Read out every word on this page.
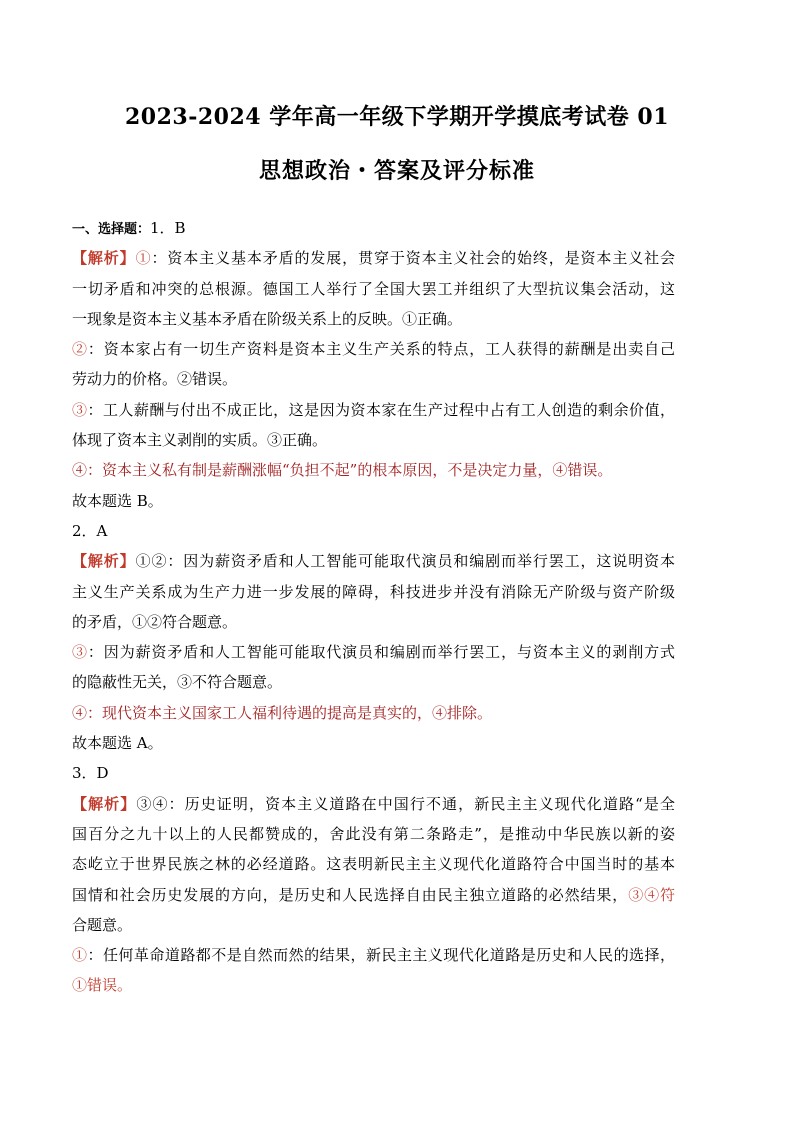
2023-2024 学年高一年级下学期开学摸底考试卷 01
思想政治・答案及评分标准
一、选择题：1．B
【解析】①：资本主义基本矛盾的发展，贯穿于资本主义社会的始终，是资本主义社会
一切矛盾和冲突的总根源。德国工人举行了全国大罢工并组织了大型抗议集会活动，这
一现象是资本主义基本矛盾在阶级关系上的反映。①正确。
②：资本家占有一切生产资料是资本主义生产关系的特点，工人获得的薪酬是出卖自己
劳动力的价格。②错误。
③：工人薪酬与付出不成正比，这是因为资本家在生产过程中占有工人创造的剩余价值，
体现了资本主义剥削的实质。③正确。
④：资本主义私有制是薪酬涨幅“负担不起”的根本原因，不是决定力量，④错误。
故本题选 B。
2．A
【解析】①②：因为薪资矛盾和人工智能可能取代演员和编剧而举行罢工，这说明资本
主义生产关系成为生产力进一步发展的障碍，科技进步并没有消除无产阶级与资产阶级
的矛盾，①②符合题意。
③：因为薪资矛盾和人工智能可能取代演员和编剧而举行罢工，与资本主义的剥削方式
的隐蔽性无关，③不符合题意。
④：现代资本主义国家工人福利待遇的提高是真实的，④排除。
故本题选 A。
3．D
【解析】③④：历史证明，资本主义道路在中国行不通，新民主主义现代化道路“是全
国百分之九十以上的人民都赞成的，舍此没有第二条路走”，是推动中华民族以新的姿
态屹立于世界民族之林的必经道路。这表明新民主主义现代化道路符合中国当时的基本
国情和社会历史发展的方向，是历史和人民选择自由民主独立道路的必然结果，③④符
合题意。
①：任何革命道路都不是自然而然的结果，新民主主义现代化道路是历史和人民的选择，
①错误。
